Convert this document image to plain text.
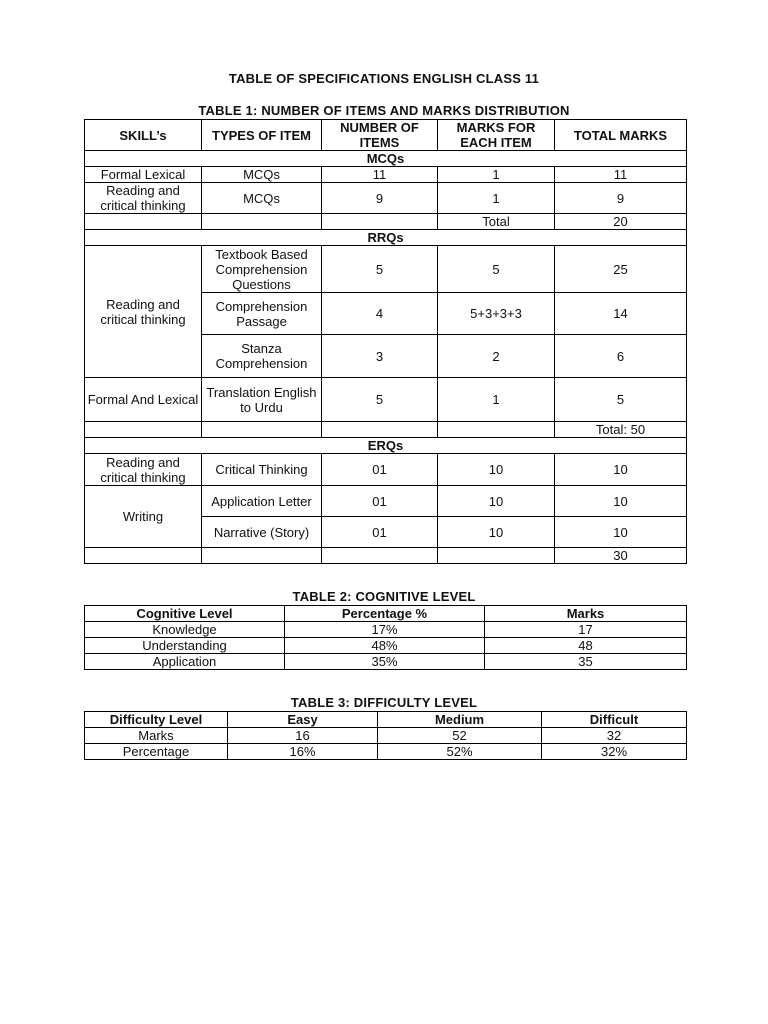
TABLE OF SPECIFICATIONS ENGLISH CLASS 11
TABLE 1: NUMBER OF ITEMS AND MARKS DISTRIBUTION
SKILL’s	TYPES OF ITEM	NUMBER OF ITEMS	MARKS FOR EACH ITEM	TOTAL MARKS
MCQs				
Formal Lexical	MCQs	11	1	11
Reading and critical thinking	MCQs	9	1	9
			Total	20
RRQs				
Reading and critical thinking	Textbook Based Comprehension Questions	5	5	25
	Comprehension Passage	4	5+3+3+3	14
	Stanza Comprehension	3	2	6
Formal And Lexical	Translation English to Urdu	5	1	5
				Total: 50
ERQs				
Reading and critical thinking	Critical Thinking	01	10	10
Writing	Application Letter	01	10	10
	Narrative (Story)	01	10	10
				30
TABLE 2: COGNITIVE LEVEL
Cognitive Level	Percentage %	Marks
Knowledge	17%	17
Understanding	48%	48
Application	35%	35
TABLE 3: DIFFICULTY LEVEL
Difficulty Level	Easy	Medium	Difficult
Marks	16	52	32
Percentage	16%	52%	32%
